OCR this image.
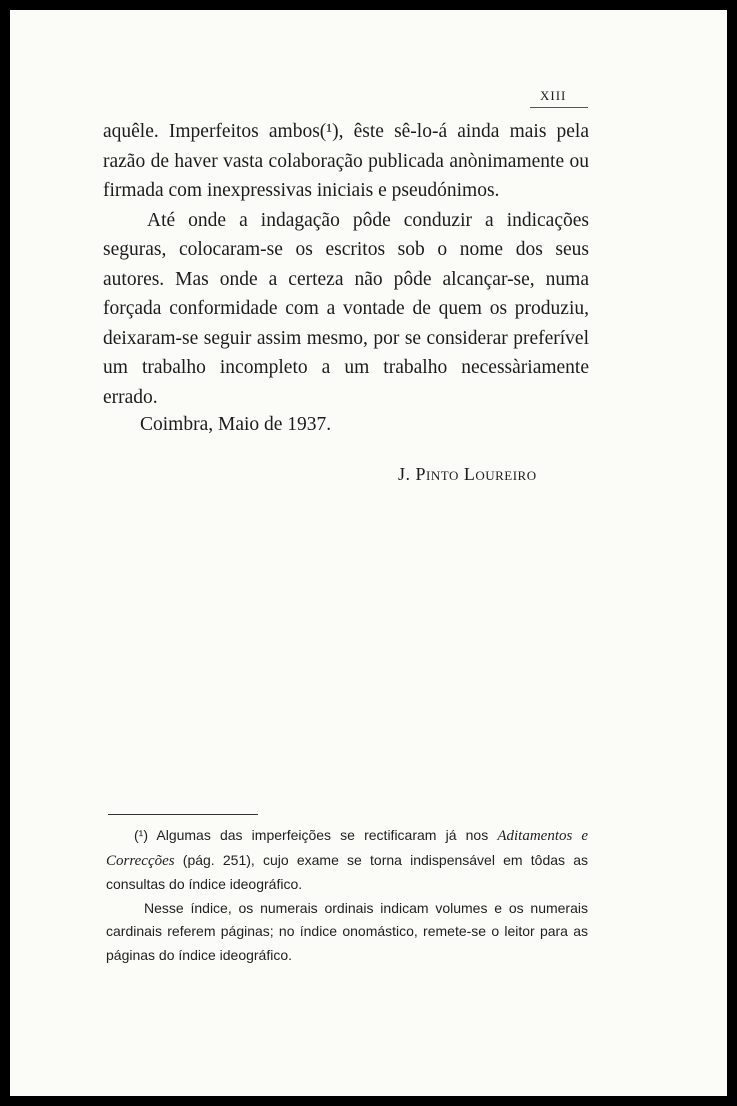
XIII

aquêle. Imperfeitos ambos(¹), êste sê-lo-á ainda mais pela razão de haver vasta colaboração publicada anònimamente ou firmada com inexpressivas iniciais e pseudónimos.

Até onde a indagação pôde conduzir a indicações seguras, colocaram-se os escritos sob o nome dos seus autores. Mas onde a certeza não pôde alcançar-se, numa forçada conformidade com a vontade de quem os produziu, deixaram-se seguir assim mesmo, por se considerar preferível um trabalho incompleto a um trabalho necessàriamente errado.

Coimbra, Maio de 1937.
J. Pinto Loureiro

(¹) Algumas das imperfeições se rectificaram já nos Aditamentos e Correcções (pág. 251), cujo exame se torna indispensável em tôdas as consultas do índice ideográfico.

Nesse índice, os numerais ordinais indicam volumes e os numerais cardinais referem páginas; no índice onomástico, remete-se o leitor para as páginas do índice ideográfico.
